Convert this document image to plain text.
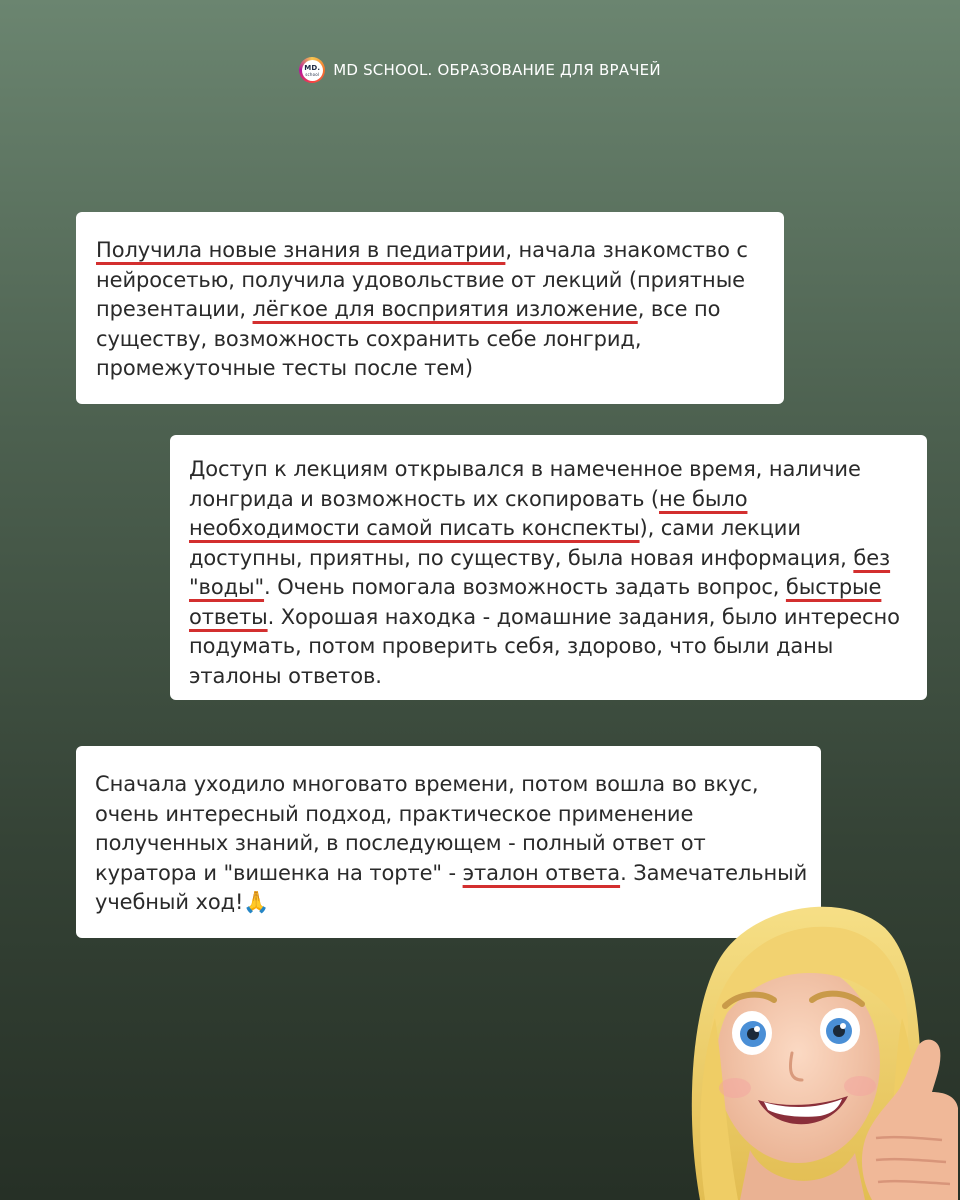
MD.
school MD SCHOOL. ОБРАЗОВАНИЕ ДЛЯ ВРАЧЕЙ
Получила новые знания в педиатрии, начала знакомство с нейросетью, получила удовольствие от лекций (приятные презентации, лёгкое для восприятия изложение, все по существу, возможность сохранить себе лонгрид, промежуточные тесты после тем)
Доступ к лекциям открывался в намеченное время, наличие лонгрида и возможность их скопировать (не было необходимости самой писать конспекты), сами лекции доступны, приятны, по существу, была новая информация, без "воды". Очень помогала возможность задать вопрос, быстрые ответы. Хорошая находка - домашние задания, было интересно подумать, потом проверить себя, здорово, что были даны эталоны ответов.
Сначала уходило многовато времени, потом вошла во вкус, очень интересный подход, практическое применение полученных знаний, в последующем - полный ответ от куратора и "вишенка на торте" - эталон ответа. Замечательный учебный ход!🙏
